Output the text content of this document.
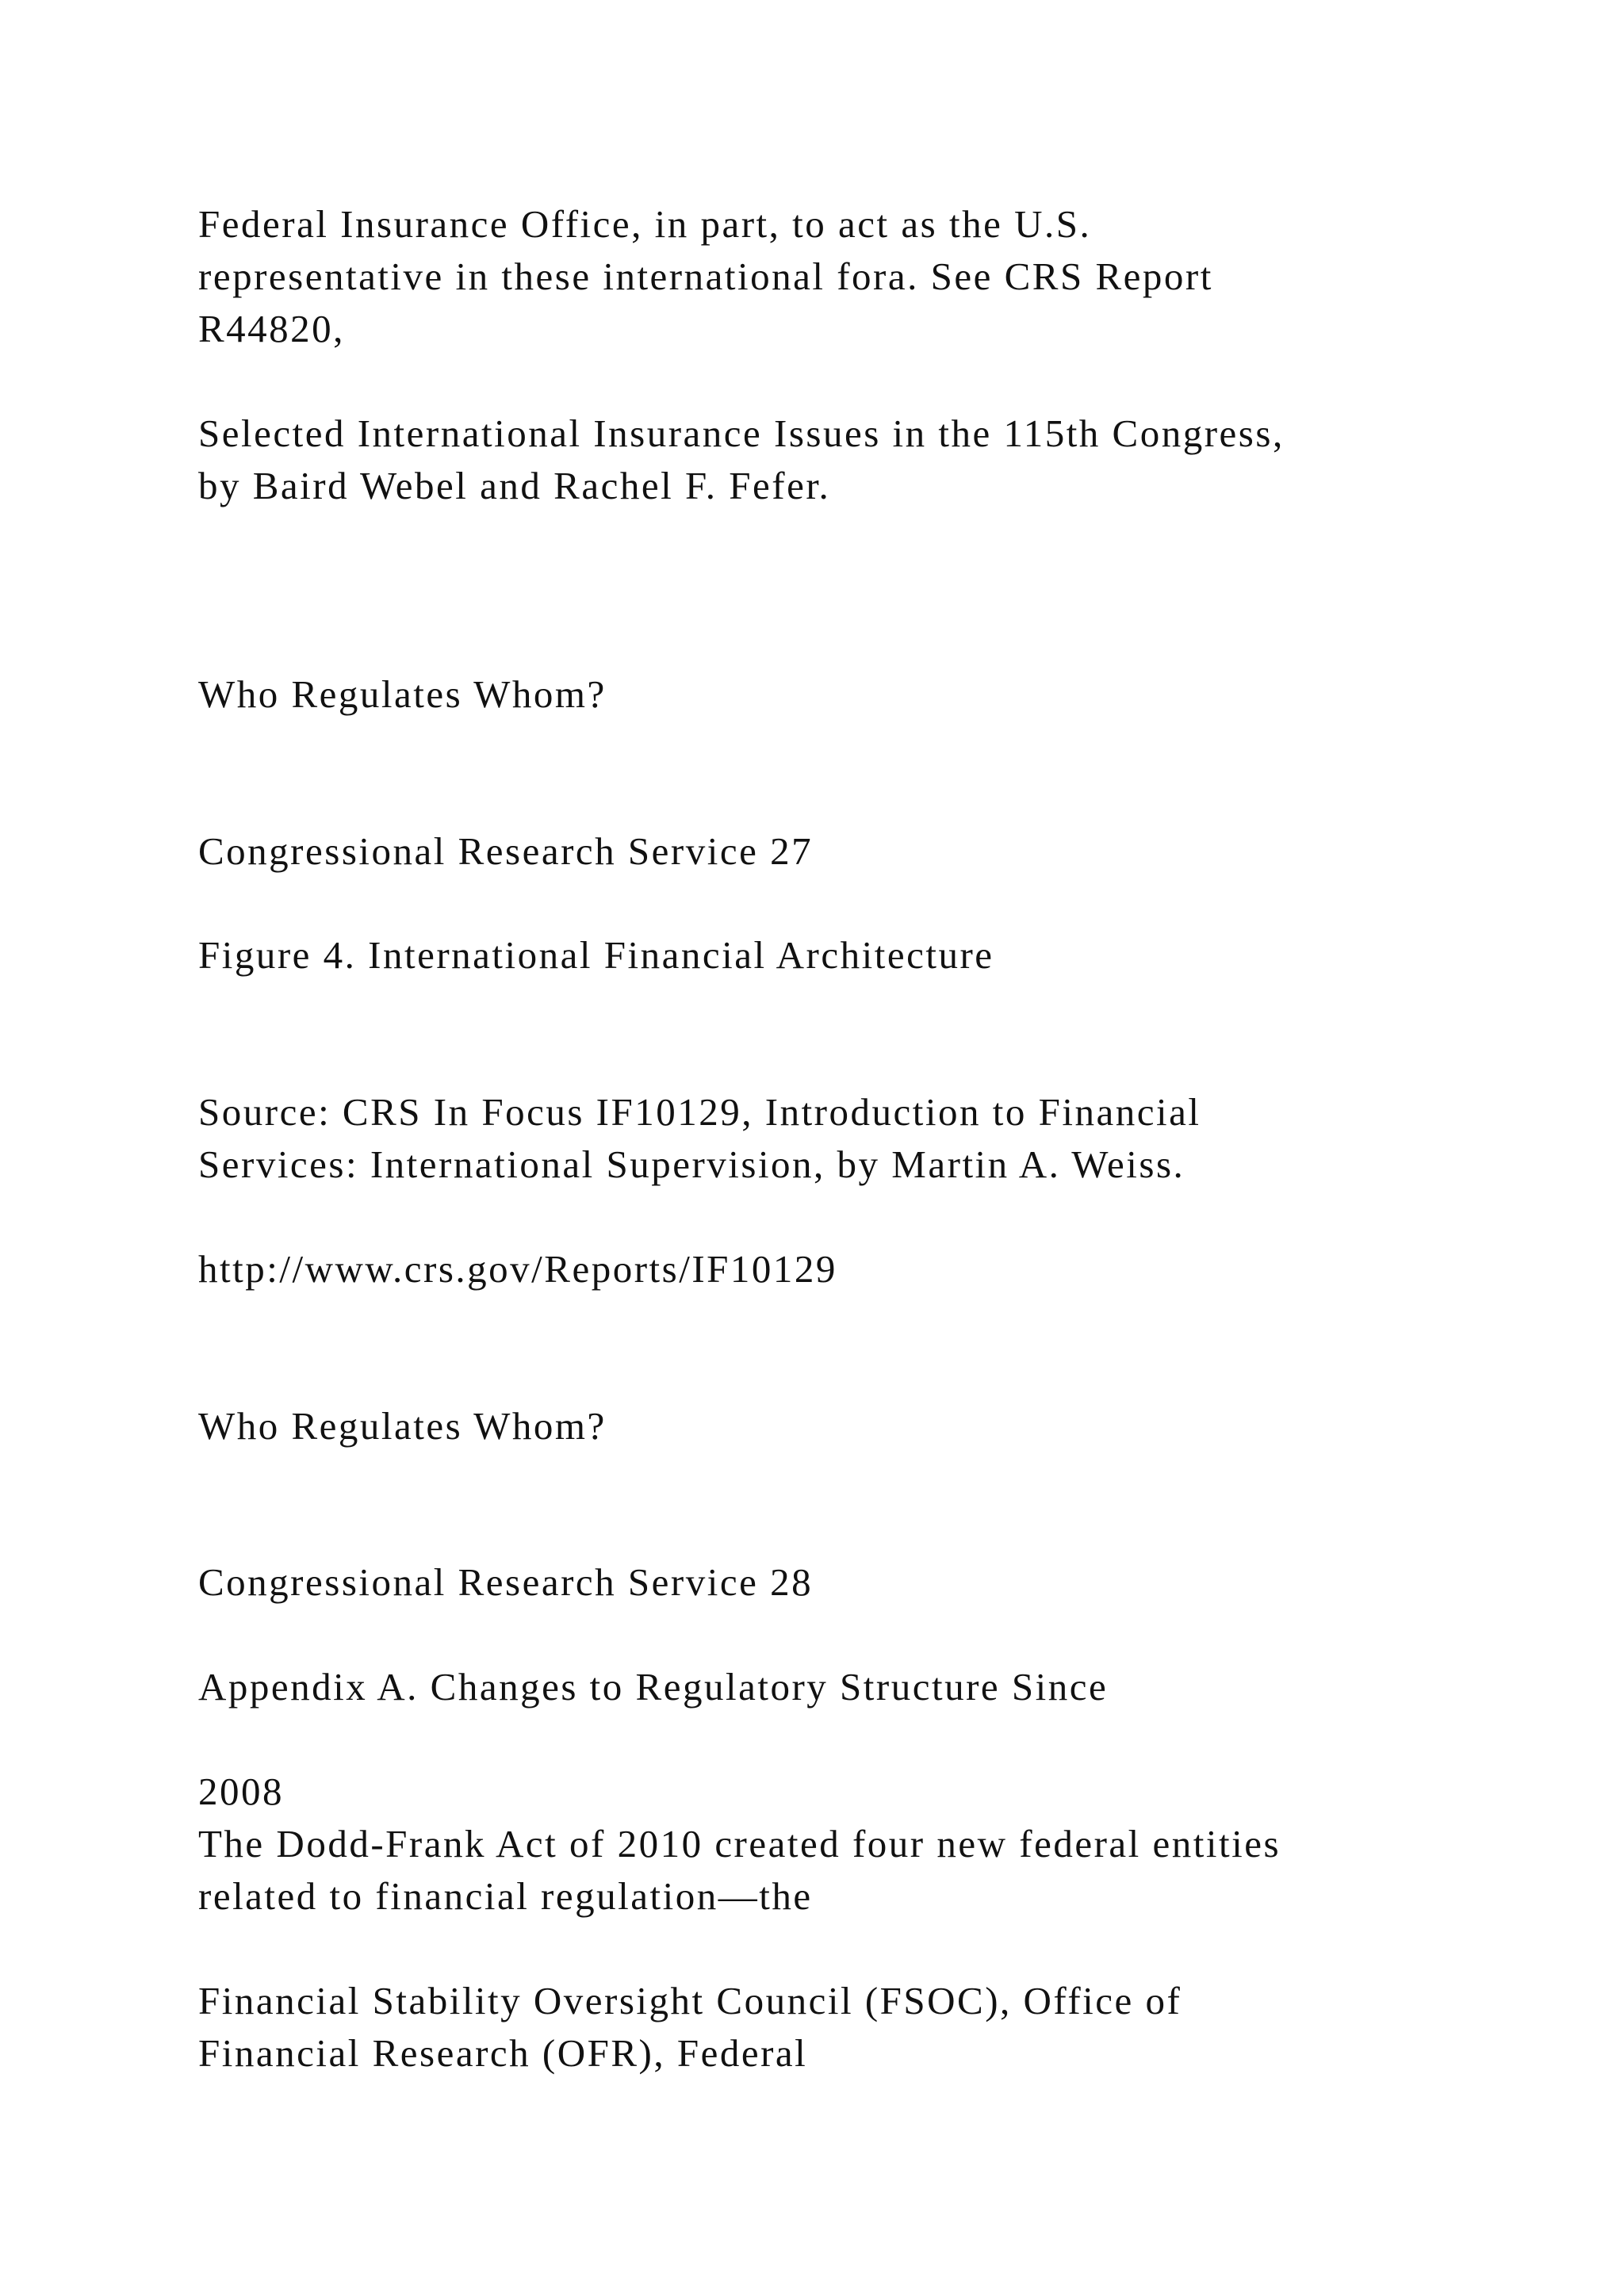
Federal Insurance Office, in part, to act as the U.S.

representative in these international fora. See CRS Report

R44820,

Selected International Insurance Issues in the 115th Congress,

by Baird Webel and Rachel F. Fefer.

Who Regulates Whom?

Congressional Research Service 27

Figure 4. International Financial Architecture

Source: CRS In Focus IF10129, Introduction to Financial

Services: International Supervision, by Martin A. Weiss.

http://www.crs.gov/Reports/IF10129

Who Regulates Whom?

Congressional Research Service 28

Appendix A. Changes to Regulatory Structure Since

2008

The Dodd-Frank Act of 2010 created four new federal entities

related to financial regulation—the

Financial Stability Oversight Council (FSOC), Office of

Financial Research (OFR), Federal
